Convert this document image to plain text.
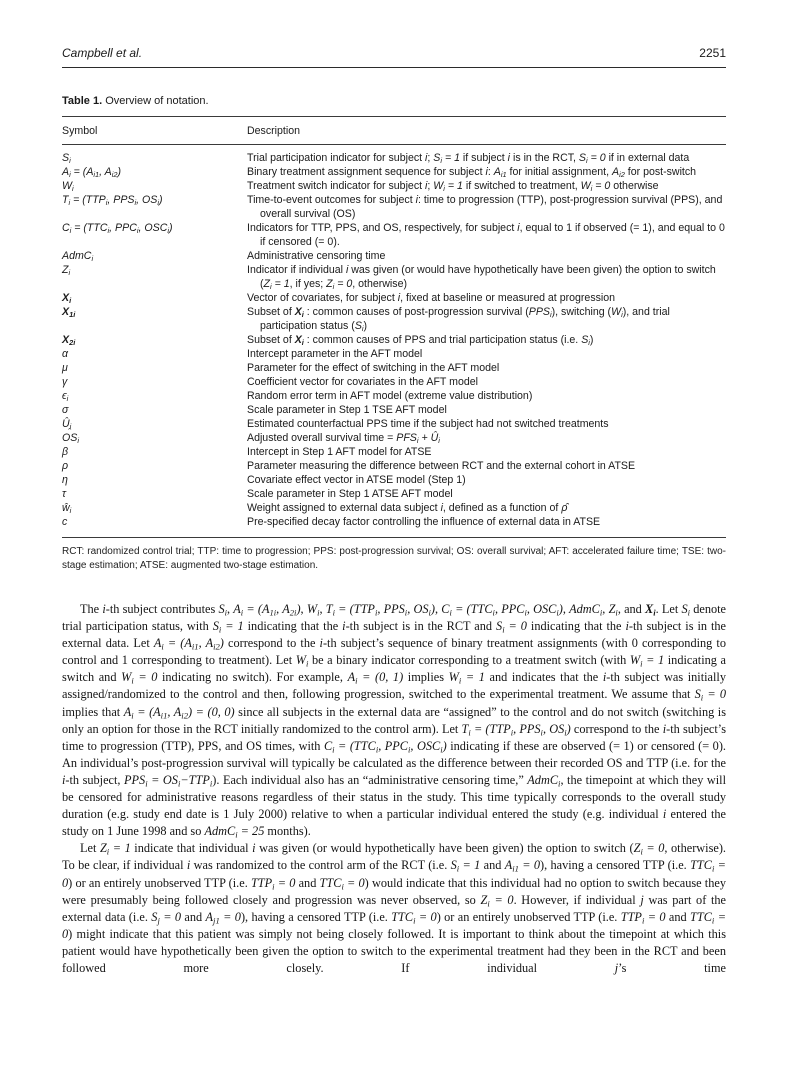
Campbell et al.	2251
Table 1. Overview of notation.
Symbol	Description
$S_i$	Trial participation indicator for subject i; $S_i = 1$ if subject i is in the RCT, $S_i = 0$ if in external data
$A_i = (A_{i1}$, $A_{i2}$)	Binary treatment assignment sequence for subject i: $A_{i1}$ for initial assignment, $A_{i2}$ for post-switch
$W_i$	Treatment switch indicator for subject i; $W_i = 1$ if switched to treatment, $W_i = 0$ otherwise
$T_i = (TTP_i$, $PPS_i$, $OS_i$)	Time-to-event outcomes for subject i: time to progression (TTP), post-progression survival (PPS), and overall survival (OS)
$C_i = (TTC_i$, $PPC_i$, $OSC_i$)	Indicators for TTP, PPS, and OS, respectively, for subject i, equal to 1 if observed (= 1), and equal to 0 if censored (= 0).
AdmC$_i$	Administrative censoring time
$Z_i$	Indicator if individual i was given (or would have hypothetically have been given) the option to switch ($Z_i = 1$, if yes; $Z_i = 0$, otherwise)
$X_i$	Vector of covariates, for subject i, fixed at baseline or measured at progression
$X_{1i}$	Subset of $X_i$ : common causes of post-progression survival $(PPS_i)$, switching $(W_i)$, and trial participation status $(S_i)$
$X_{2i}$	Subset of $X_i$ : common causes of PPS and trial participation status (i.e. $S_i$)
α	Intercept parameter in the AFT model
μ	Parameter for the effect of switching in the AFT model
γ	Coefficient vector for covariates in the AFT model
$\epsilon_i$	Random error term in AFT model (extreme value distribution)
σ	Scale parameter in Step 1 TSE AFT model
$Û_i$	Estimated counterfactual PPS time if the subject had not switched treatments
OS ˆ$_i$	Adjusted overall survival time = $PFS_i$ + $Û_i$
β	Intercept in Step 1 AFT model for ATSE
ρ	Parameter measuring the difference between RCT and the external cohort in ATSE
η	Covariate effect vector in ATSE model (Step 1)
τ	Scale parameter in Step 1 ATSE AFT model
$ŵ_i$	Weight assigned to external data subject i, defined as a function of ρ̂
c	Pre-specified decay factor controlling the influence of external data in ATSE
RCT: randomized control trial; TTP: time to progression; PPS: post-progression survival; OS: overall survival; AFT: accelerated failure time; TSE: two-stage estimation; ATSE: augmented two-stage estimation.

The i-th subject contributes $S_i$, $A_i = (A_{1i}$, $A_{2i}$), $W_i$, $T_i = (TTP_i$, $PPS_i$, $OS_i$), $C_i = (TTC_i$, $PPC_i$, $OSC_i$), AdmC$_i$, $Z_i$, and $X_i$. Let $S_i$ denote trial participation status, with $S_i = 1$ indicating that the i-th subject is in the RCT and $S_i = 0$ indicating that the i-th subject is in the external data. Let $A_i = (A_{i1}$, $A_{i2}$) correspond to the i-th subject’s sequence of binary treatment assignments (with 0 corresponding to control and 1 corresponding to treatment). Let $W_i$ be a binary indicator corresponding to a treatment switch (with $W_i = 1$ indicating a switch and $W_i = 0$ indicating no switch). For example, $A_i = (0$, 1) implies $W_i = 1$ and indicates that the i-th subject was initially assigned/randomized to the control and then, following progression, switched to the experimental treatment. We assume that $S_i = 0$ implies that $A_i = (A_{i1}$, $A_{i2}) = (0$, 0) since all subjects in the external data are “assigned” to the control and do not switch (switching is only an option for those in the RCT initially randomized to the control arm). Let $T_i = (TTP_i$, $PPS_i$, $OS_i$) correspond to the i-th subject’s time to progression (TTP), PPS, and OS times, with $C_i = (TTC_i$, $PPC_i$, $OSC_i$) indicating if these are observed (= 1) or censored (= 0). An individual’s post-progression survival will typically be calculated as the difference between their recorded OS and TTP (i.e. for the i-th subject, $PPS_i = OS_i-TTP_i$). Each individual also has an “administrative censoring time,” AdmC$_i$, the timepoint at which they will be censored for administrative reasons regardless of their status in the study. This time typically corresponds to the overall study duration (e.g. study end date is 1 July 2000) relative to when a particular individual entered the study (e.g. individual i entered the study on 1 June 1998 and so AdmC$_i$ = 25 months).

Let $Z_i = 1$ indicate that individual i was given (or would hypothetically have been given) the option to switch ($Z_i = 0$, otherwise). To be clear, if individual i was randomized to the control arm of the RCT (i.e. $S_i = 1$ and $A_{i1} = 0$), having a censored TTP (i.e. $TTC_i = 0$) or an entirely unobserved TTP (i.e. $TTP_i = 0$ and $TTC_i = 0$) would indicate that this individual had no option to switch because they were presumably being followed closely and progression was never observed, so $Z_i = 0$. However, if individual j was part of the external data (i.e. $S_j = 0$ and $A_{j1} = 0$), having a censored TTP (i.e. $TTC_i = 0$) or an entirely unobserved TTP (i.e. $TTP_i = 0$ and $TTC_i = 0$) might indicate that this patient was simply not being closely followed. It is important to think about the timepoint at which this patient would have hypothetically been given the option to switch to the experimental treatment had they been in the RCT and been followed more closely. If individual j’s time
